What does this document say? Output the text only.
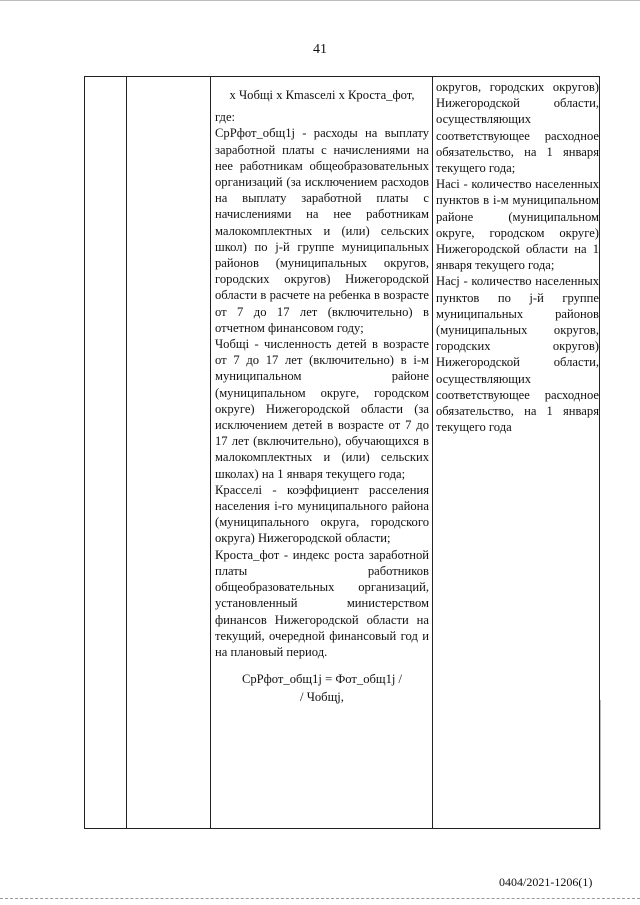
41

x Чобщі x Кmasселі x Кроста_фот,

где:

СрРфот_общ1j - расходы на выплату заработной платы с начислениями на нее работникам общеобразовательных организаций (за исключением расходов на выплату заработной платы с начислениями на нее работникам малокомплектных и (или) сельских школ) по j-й группе муниципальных районов (муниципальных округов, городских округов) Нижегородской области в расчете на ребенка в возрасте от 7 до 17 лет (включительно) в отчетном финансовом году;

Чобщі - численность детей в возрасте от 7 до 17 лет (включительно) в i-м муниципальном районе (муниципальном округе, городском округе) Нижегородской области (за исключением детей в возрасте от 7 до 17 лет (включительно), обучающихся в малокомплектных и (или) сельских школах) на 1 января текущего года;

Красселі - коэффициент расселения населения i-го муниципального района (муниципального округа, городского округа) Нижегородской области;

Кроста_фот - индекс роста заработной платы работников общеобразовательных организаций, установленный министерством финансов Нижегородской области на текущий, очередной финансовый год и на плановый период.

СрРфот_общ1j = Фот_общ1j /
/ Чобщj,

округов, городских округов) Нижегородской области, осуществляющих соответствующее расходное обязательство, на 1 января текущего года;

Насі - количество населенных пунктов в i-м муниципальном районе (муниципальном округе, городском округе) Нижегородской области на 1 января текущего года;

Насj - количество населенных пунктов по j-й группе муниципальных районов (муниципальных округов, городских округов) Нижегородской области, осуществляющих соответствующее расходное обязательство, на 1 января текущего года

0404/2021-1206(1)
